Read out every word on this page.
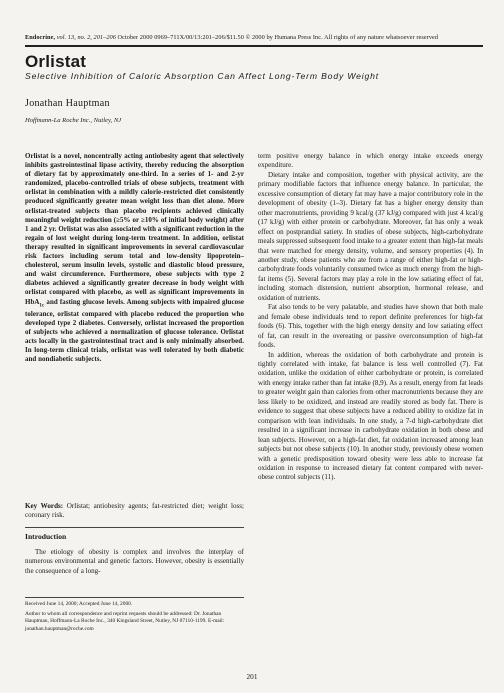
Endocrine, vol. 13, no. 2, 201–206 October 2000 0969–711X/00/13:201–206/$11.50 © 2000 by Humana Press Inc. All rights of any nature whatsoever reserved
Orlistat
Selective Inhibition of Caloric Absorption Can Affect Long-Term Body Weight
Jonathan Hauptman
Hoffmann-La Roche Inc., Nutley, NJ

Orlistat is a novel, noncentrally acting antiobesity agent that selectively inhibits gastrointestinal lipase activity, thereby reducing the absorption of dietary fat by approximately one-third. In a series of 1- and 2-yr randomized, placebo-controlled trials of obese subjects, treatment with orlistat in combination with a mildly calorie-restricted diet consistently produced significantly greater mean weight loss than diet alone. More orlistat-treated subjects than placebo recipients achieved clinically meaningful weight reduction (≥5% or ≥10% of initial body weight) after 1 and 2 yr. Orlistat was also associated with a significant reduction in the regain of lost weight during long-term treatment. In addition, orlistat therapy resulted in significant improvements in several cardiovascular risk factors including serum total and low-density lipoprotein–cholesterol, serum insulin levels, systolic and diastolic blood pressure, and waist circumference. Furthermore, obese subjects with type 2 diabetes achieved a significantly greater decrease in body weight with orlistat compared with placebo, as well as significant improvements in HbA$_{1c}$ and fasting glucose levels. Among subjects with impaired glucose tolerance, orlistat compared with placebo reduced the proportion who developed type 2 diabetes. Conversely, orlistat increased the proportion of subjects who achieved a normalization of glucose tolerance. Orlistat acts locally in the gastrointestinal tract and is only minimally absorbed. In long-term clinical trials, orlistat was well tolerated by both diabetic and nondiabetic subjects.

Key Words: Orlistat; antiobesity agents; fat-restricted diet; weight loss; coronary risk.

Introduction

The etiology of obesity is complex and involves the interplay of numerous environmental and genetic factors. However, obesity is essentially the consequence of a long-

Received June 14, 2000; Accepted June 14, 2000.

Author to whom all correspondence and reprint requests should be addressed: Dr. Jonathan Hauptman, Hoffmann-La Roche Inc., 340 Kingsland Street, Nutley, NJ 07110-1199. E-mail: jonathan.hauptman@roche.com

term positive energy balance in which energy intake exceeds energy expenditure.

Dietary intake and composition, together with physical activity, are the primary modifiable factors that influence energy balance. In particular, the excessive consumption of dietary fat may have a major contributory role in the development of obesity (1–3). Dietary fat has a higher energy density than other macronutrients, providing 9 kcal/g (37 kJ/g) compared with just 4 kcal/g (17 kJ/g) with either protein or carbohydrate. Moreover, fat has only a weak effect on postprandial satiety. In studies of obese subjects, high-carbohydrate meals suppressed subsequent food intake to a greater extent than high-fat meals that were matched for energy density, volume, and sensory properties (4). In another study, obese patients who ate from a range of either high-fat or high-carbohydrate foods voluntarily consumed twice as much energy from the high-fat items (5). Several factors may play a role in the low satiating effect of fat, including stomach distension, nutrient absorption, hormonal release, and oxidation of nutrients.

Fat also tends to be very palatable, and studies have shown that both male and female obese individuals tend to report definite preferences for high-fat foods (6). This, together with the high energy density and low satiating effect of fat, can result in the overeating or passive overconsumption of high-fat foods.

In addition, whereas the oxidation of both carbohydrate and protein is tightly correlated with intake, fat balance is less well controlled (7). Fat oxidation, unlike the oxidation of either carbohydrate or protein, is correlated with energy intake rather than fat intake (8,9). As a result, energy from fat leads to greater weight gain than calories from other macronutrients because they are less likely to be oxidized, and instead are readily stored as body fat. There is evidence to suggest that obese subjects have a reduced ability to oxidize fat in comparison with lean individuals. In one study, a 7-d high-carbohydrate diet resulted in a significant increase in carbohydrate oxidation in both obese and lean subjects. However, on a high-fat diet, fat oxidation increased among lean subjects but not obese subjects (10). In another study, previously obese women with a genetic predisposition toward obesity were less able to increase fat oxidation in response to increased dietary fat content compared with never-obese control subjects (11).

201
